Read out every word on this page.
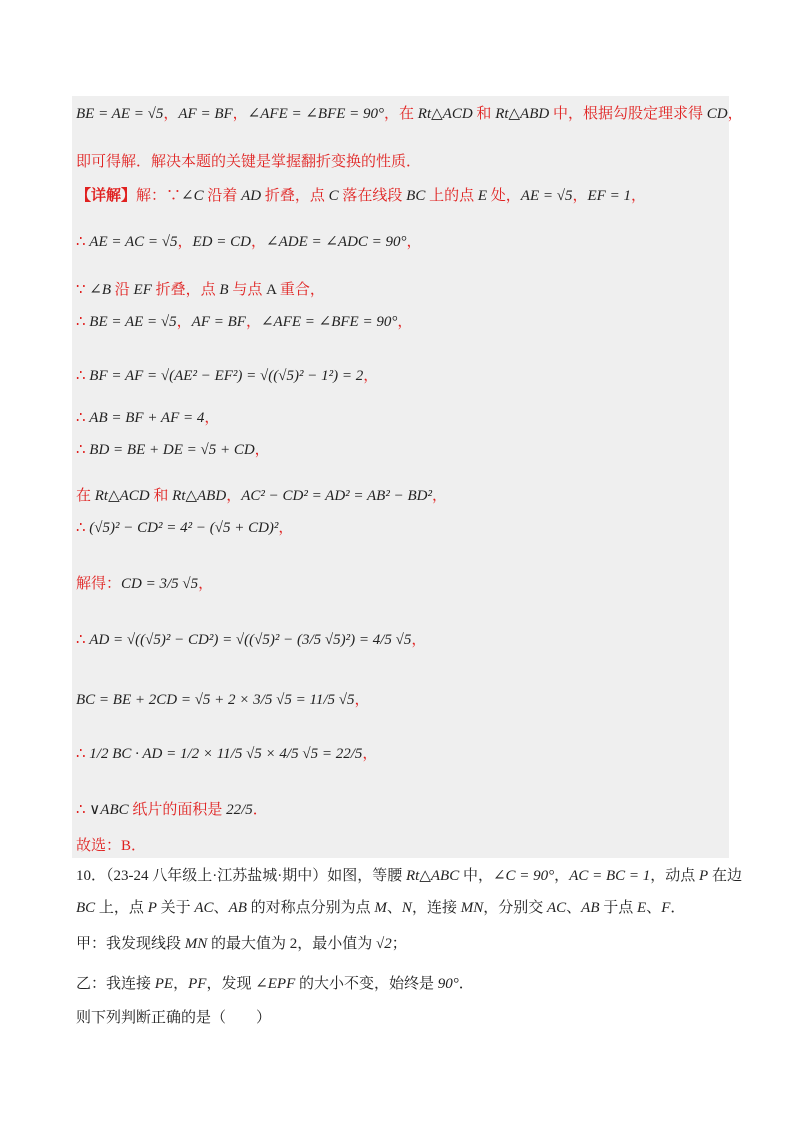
BE = AE = √5，AF = BF，∠AFE = ∠BFE = 90°，在 Rt△ACD 和 Rt△ABD 中，根据勾股定理求得 CD，
即可得解．解决本题的关键是掌握翻折变换的性质．
【详解】解：∵∠C 沿着 AD 折叠，点 C 落在线段 BC 上的点 E 处，AE = √5，EF = 1，
∴ AE = AC = √5，ED = CD，∠ADE = ∠ADC = 90°，
∵ ∠B 沿 EF 折叠，点 B 与点 A 重合，
∴ BE = AE = √5，AF = BF，∠AFE = ∠BFE = 90°，
∴ BF = AF = √(AE² − EF²) = √((√5)² − 1²) = 2，
∴ AB = BF + AF = 4，
∴ BD = BE + DE = √5 + CD，
在 Rt△ACD 和 Rt△ABD，AC² − CD² = AD² = AB² − BD²，
∴ (√5)² − CD² = 4² − (√5 + CD)²，
解得：CD = 3/5 √5，
∴ AD = √((√5)² − CD²) = √((√5)² − (3/5 √5)²) = 4/5 √5，
BC = BE + 2CD = √5 + 2 × 3/5 √5 = 11/5 √5，
∴ 1/2 BC · AD = 1/2 × 11/5 √5 × 4/5 √5 = 22/5，
∴ ∨ABC 纸片的面积是 22/5．
故选：B．
10．（23-24 八年级上·江苏盐城·期中）如图，等腰 Rt△ABC 中，∠C = 90°，AC = BC = 1，动点 P 在边
BC 上，点 P 关于 AC、AB 的对称点分别为点 M、N，连接 MN，分别交 AC、AB 于点 E、F．
甲：我发现线段 MN 的最大值为 2，最小值为 √2；
乙：我连接 PE，PF，发现 ∠EPF 的大小不变，始终是 90°．
则下列判断正确的是（　　）
